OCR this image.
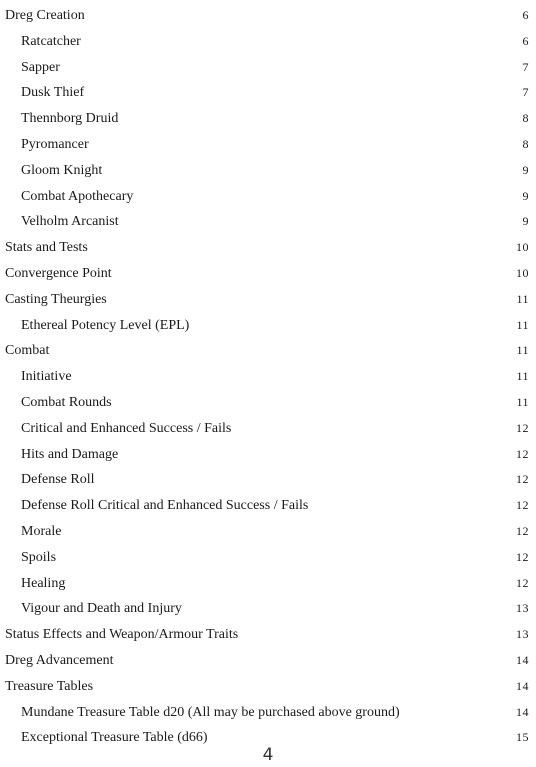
Dreg Creation	6
Ratcatcher	6
Sapper	7
Dusk Thief	7
Thennborg Druid	8
Pyromancer	8
Gloom Knight	9
Combat Apothecary	9
Velholm Arcanist	9
Stats and Tests	10
Convergence Point	10
Casting Theurgies	11
Ethereal Potency Level (EPL)	11
Combat	11
Initiative	11
Combat Rounds	11
Critical and Enhanced Success / Fails	12
Hits and Damage	12
Defense Roll	12
Defense Roll Critical and Enhanced Success / Fails	12
Morale	12
Spoils	12
Healing	12
Vigour and Death and Injury	13
Status Effects and Weapon/Armour Traits	13
Dreg Advancement	14
Treasure Tables	14
Mundane Treasure Table d20 (All may be purchased above ground)	14
Exceptional Treasure Table (d66)	15
4
